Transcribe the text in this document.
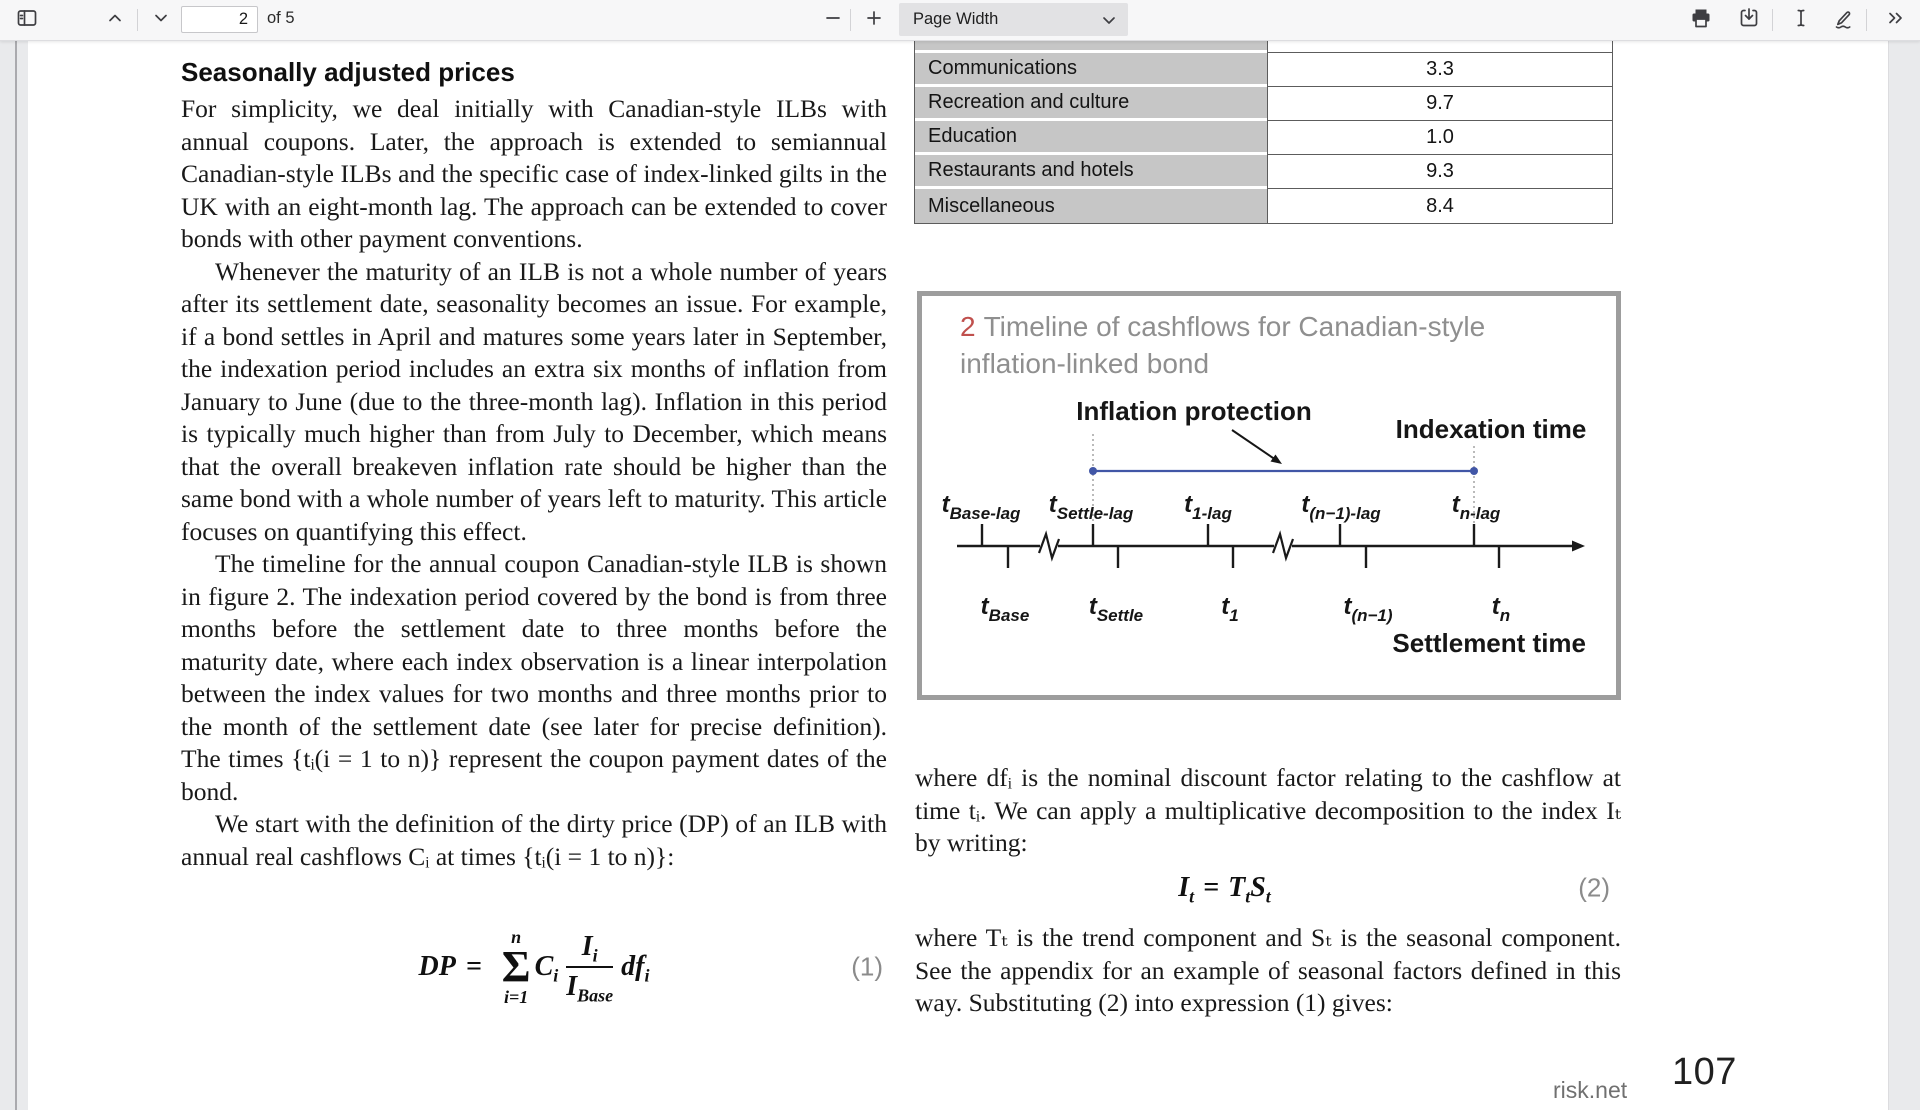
2
of 5	Page Width
Seasonally adjusted prices

For simplicity, we deal initially with Canadian-style ILBs with annual coupons. Later, the approach is extended to semiannual Canadian-style ILBs and the specific case of index-linked gilts in the UK with an eight-month lag. The approach can be extended to cover bonds with other payment conventions.

Whenever the maturity of an ILB is not a whole number of years after its settlement date, seasonality becomes an issue. For example, if a bond settles in April and matures some years later in September, the indexation period includes an extra six months of inflation from January to June (due to the three-month lag). Inflation in this period is typically much higher than from July to December, which means that the overall breakeven inflation rate should be higher than the same bond with a whole number of years left to maturity. This article focuses on quantifying this effect.

The timeline for the annual coupon Canadian-style ILB is shown in figure 2. The indexation period covered by the bond is from three months before the settlement date to three months before the maturity date, where each index observation is a linear interpolation between the index values for two months and three months prior to the month of the settlement date (see later for precise definition). The times {tᵢ(i = 1 to n)} represent the coupon payment dates of the bond.

We start with the definition of the dirty price (DP) of an ILB with annual real cashflows Cᵢ at times {tᵢ(i = 1 to n)}:

DP =
n
Σ
i=1
$C_i \frac{I_i}{I_{Base}} df_i$	(1)
Communications	3.3
Recreation and culture	9.7
Education	1.0
Restaurants and hotels	9.3
Miscellaneous	8.4
2 Timeline of cashflows for Canadian-style inflation-linked bond
Inflation protection
Indexation time
$t_{Base-lag}$ $t_{Settle-lag}$ $t_{1-lag}$	$t_{(n-1)-lag}$	$t_{n-lag}$
$t_{Base}$ $t_{Settle}$	$t_1$	$t_{(n-1)}$	$t_n$
Settlement time

where dfᵢ is the nominal discount factor relating to the cashflow at time tᵢ. We can apply a multiplicative decomposition to the index Iₜ by writing:

$I_t = T_t$ $S_t$	(2)

where Tₜ is the trend component and Sₜ is the seasonal component. See the appendix for an example of seasonal factors defined in this way. Substituting (2) into expression (1) gives:

risk.net 107
